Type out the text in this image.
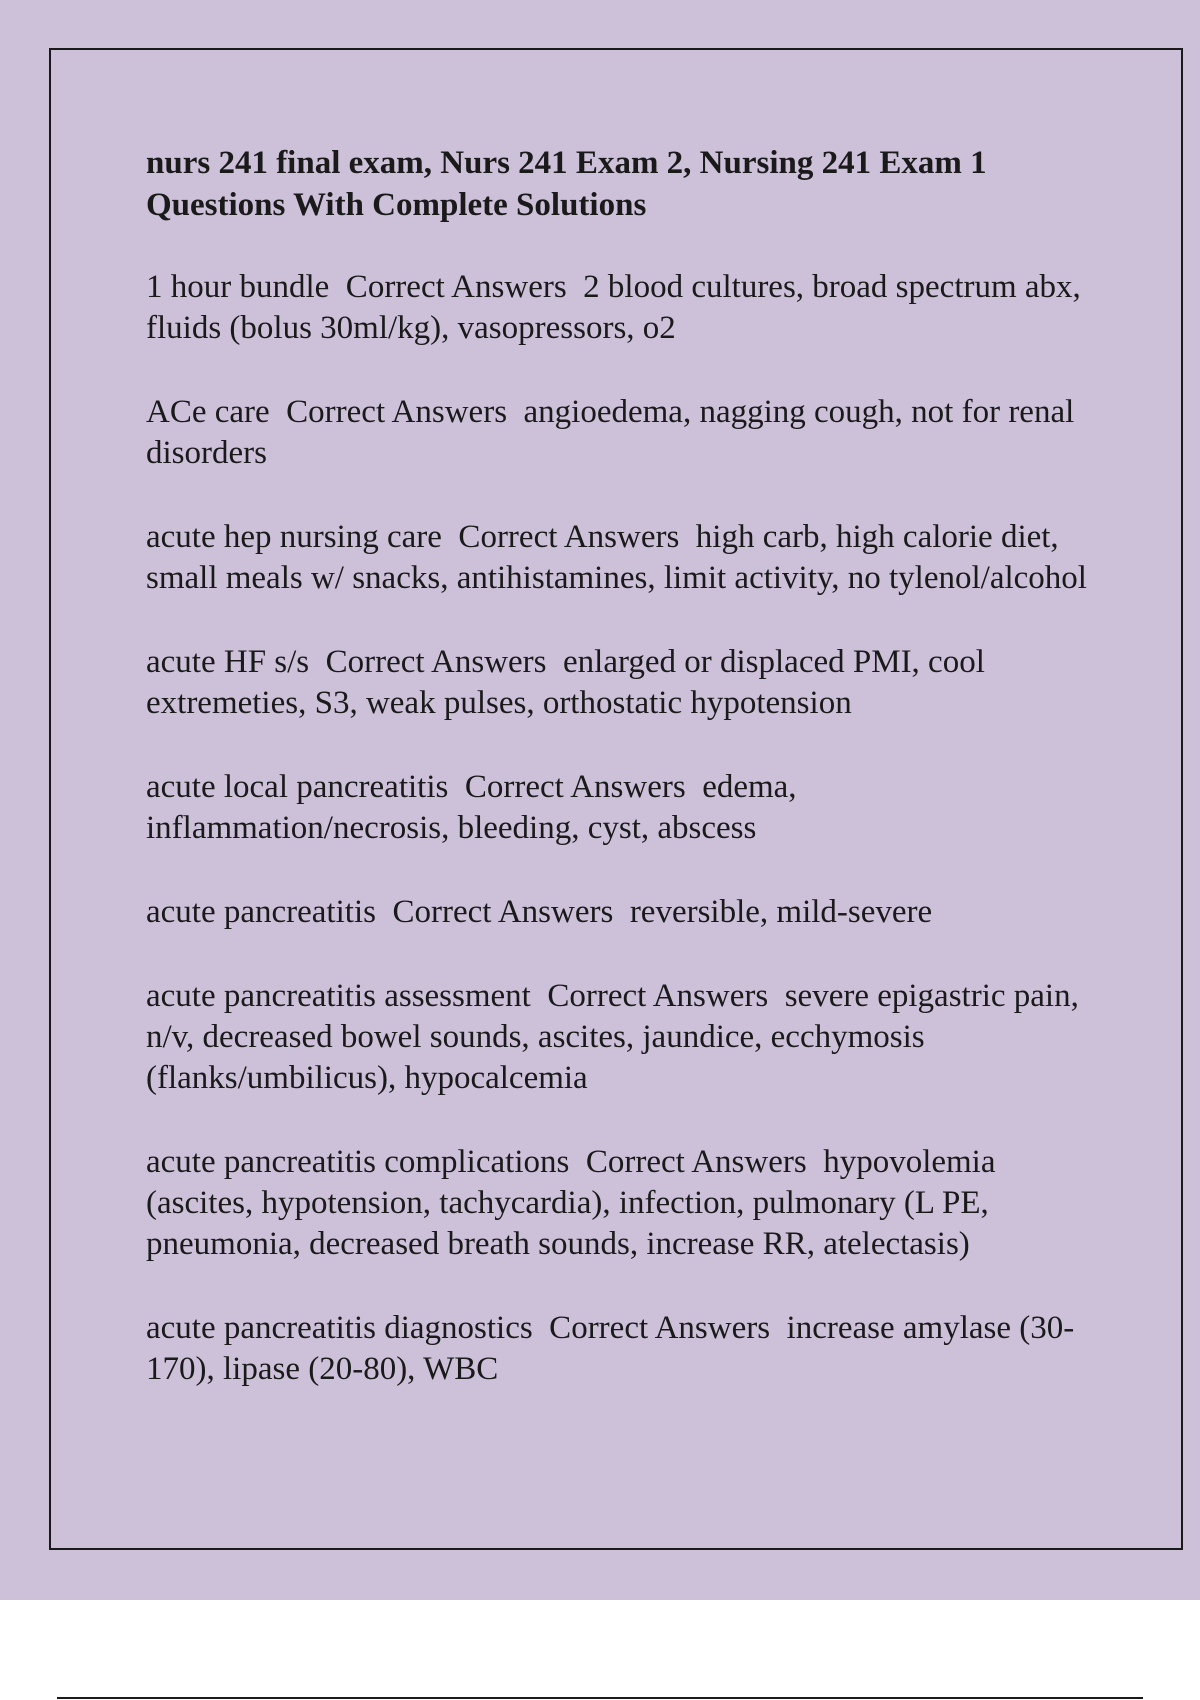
nurs 241 final exam, Nurs 241 Exam 2, Nursing 241 Exam 1 Questions With Complete Solutions
1 hour bundle  Correct Answers  2 blood cultures, broad spectrum abx, fluids (bolus 30ml/kg), vasopressors, o2
ACe care  Correct Answers  angioedema, nagging cough, not for renal disorders
acute hep nursing care  Correct Answers  high carb, high calorie diet, small meals w/ snacks, antihistamines, limit activity, no tylenol/alcohol
acute HF s/s  Correct Answers  enlarged or displaced PMI, cool extremeties, S3, weak pulses, orthostatic hypotension
acute local pancreatitis  Correct Answers  edema, inflammation/necrosis, bleeding, cyst, abscess
acute pancreatitis  Correct Answers  reversible, mild-severe
acute pancreatitis assessment  Correct Answers  severe epigastric pain, n/v, decreased bowel sounds, ascites, jaundice, ecchymosis (flanks/umbilicus), hypocalcemia
acute pancreatitis complications  Correct Answers  hypovolemia (ascites, hypotension, tachycardia), infection, pulmonary (L PE, pneumonia, decreased breath sounds, increase RR, atelectasis)
acute pancreatitis diagnostics  Correct Answers  increase amylase (30-170), lipase (20-80), WBC
